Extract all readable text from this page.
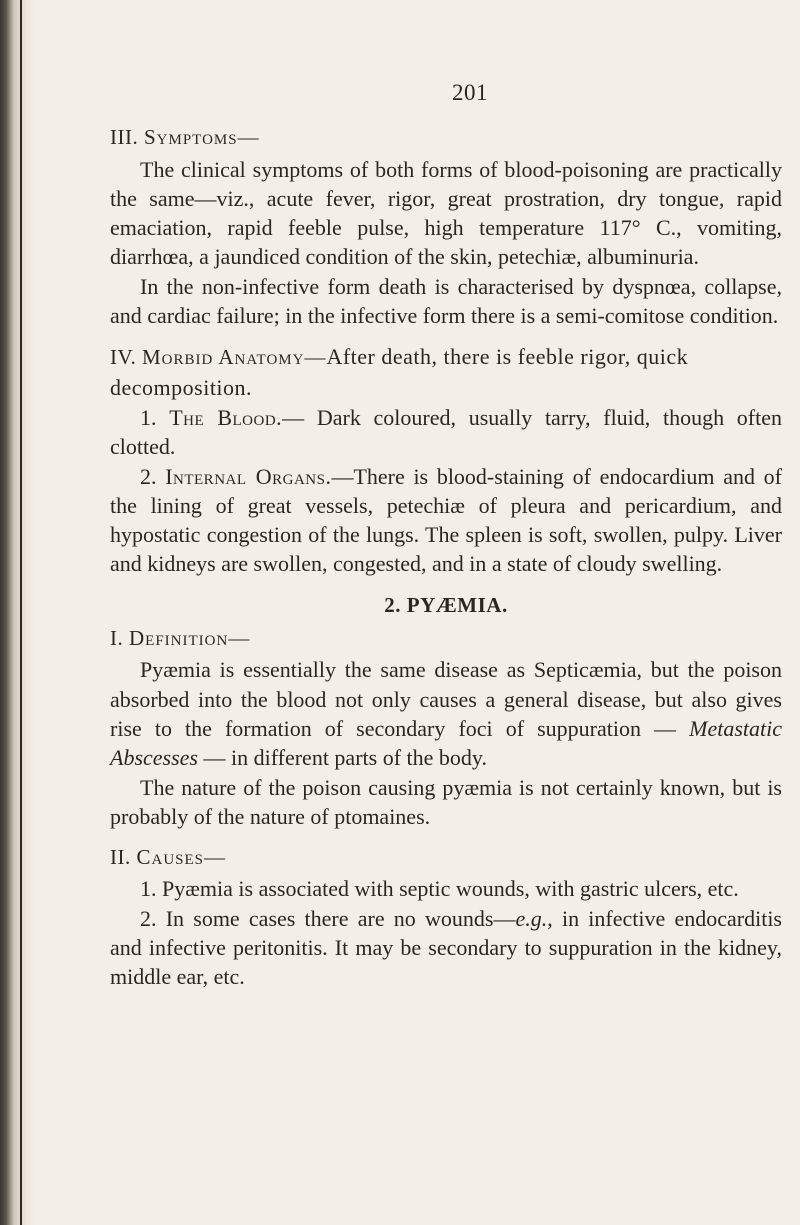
201

III. Symptoms—

The clinical symptoms of both forms of blood-poisoning are practically the same—viz., acute fever, rigor, great prostration, dry tongue, rapid emaciation, rapid feeble pulse, high temperature 117° C., vomiting, diarrhœa, a jaundiced condition of the skin, petechiæ, albuminuria.

In the non-infective form death is characterised by dyspnœa, collapse, and cardiac failure; in the infective form there is a semi-comitose condition.

IV. Morbid Anatomy—After death, there is feeble rigor, quick decomposition.

1. The Blood.— Dark coloured, usually tarry, fluid, though often clotted.

2. Internal Organs.—There is blood-staining of endocardium and of the lining of great vessels, petechiæ of pleura and pericardium, and hypostatic congestion of the lungs. The spleen is soft, swollen, pulpy. Liver and kidneys are swollen, congested, and in a state of cloudy swelling.

2. PYÆMIA.

I. Definition—

Pyæmia is essentially the same disease as Septicæmia, but the poison absorbed into the blood not only causes a general disease, but also gives rise to the formation of secondary foci of suppuration — Metastatic Abscesses — in different parts of the body.

The nature of the poison causing pyæmia is not certainly known, but is probably of the nature of ptomaines.

II. Causes—

1. Pyæmia is associated with septic wounds, with gastric ulcers, etc.

2. In some cases there are no wounds—e.g., in infective endocarditis and infective peritonitis. It may be secondary to suppuration in the kidney, middle ear, etc.
